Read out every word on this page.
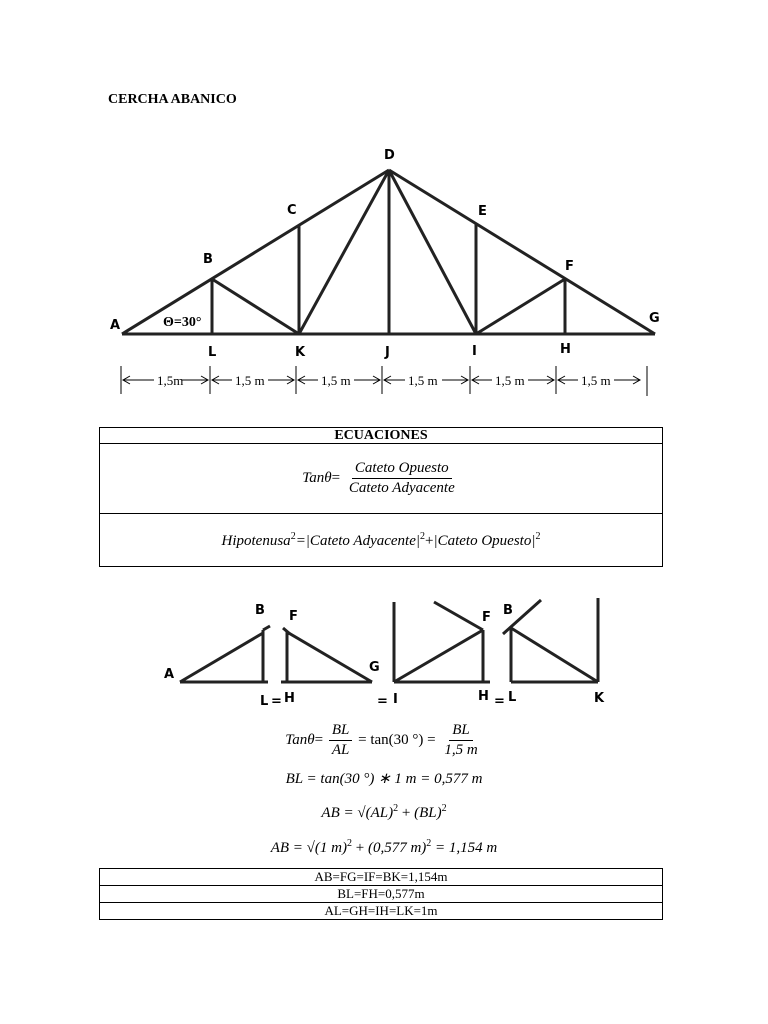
CERCHA ABANICO
A
B
C
D
E
F
G
L	K	J	I	H
Θ=30°
1,5m	1,5 m	1,5 m	1,5 m	1,5 m	1,5 m
ECUACIONES
$Tan\theta= \frac{\text{Cateto Opuesto}}{\text{Cateto Adyacente}}$

Hipotenusa$^2$=|Cateto $Adyacente|^2+|Cateto$ $Opuesto|^2$
B
A
L
F
H
G
F
I	H
B
L	K
=	=	=
$Tan\theta= \frac{BL}{AL} = \tan(30$ °) = $\frac{BL}{1,5 m}$
BL = tan(30 °) ∗ 1 m = 0,577 m
AB = √(AL)$^2$ + (BL)$^2$
AB = √(1 m)$^2$ + (0,577 m)$^2$ = 1,154 m
AB=FG=IF=BK=1,154m
BL=FH=0,577m
AL=GH=IH=LK=1m
